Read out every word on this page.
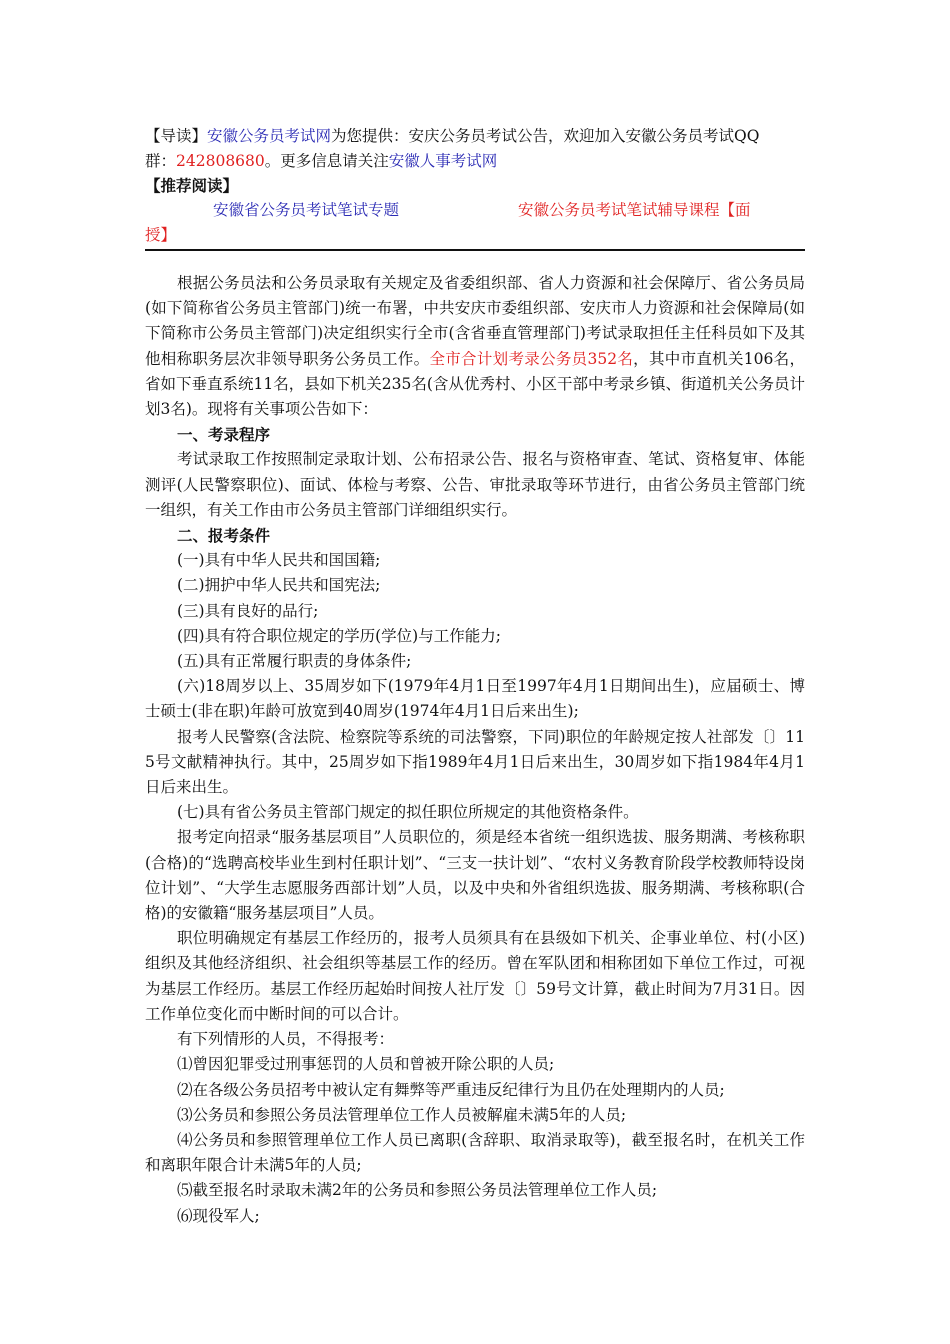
【导读】安徽公务员考试网为您提供：安庆公务员考试公告，欢迎加入安徽公务员考试QQ
群：242808680。更多信息请关注安徽人事考试网
【推荐阅读】
安徽省公务员考试笔试专题	安徽公务员考试笔试辅导课程【面
授】

根据公务员法和公务员录取有关规定及省委组织部、省人力资源和社会保障厅、省公务员局(如下简称省公务员主管部门)统一布署，中共安庆市委组织部、安庆市人力资源和社会保障局(如下简称市公务员主管部门)决定组织实行全市(含省垂直管理部门)考试录取担任主任科员如下及其他相称职务层次非领导职务公务员工作。全市合计划考录公务员352名，其中市直机关106名，省如下垂直系统11名，县如下机关235名(含从优秀村、小区干部中考录乡镇、街道机关公务员计划3名)。现将有关事项公告如下：

一、考录程序

考试录取工作按照制定录取计划、公布招录公告、报名与资格审查、笔试、资格复审、体能测评(人民警察职位)、面试、体检与考察、公告、审批录取等环节进行，由省公务员主管部门统一组织，有关工作由市公务员主管部门详细组织实行。

二、报考条件

(一)具有中华人民共和国国籍;

(二)拥护中华人民共和国宪法;

(三)具有良好的品行;

(四)具有符合职位规定的学历(学位)与工作能力;

(五)具有正常履行职责的身体条件;

(六)18周岁以上、35周岁如下(1979年4月1日至1997年4月1日期间出生)，应届硕士、博士硕士(非在职)年龄可放宽到40周岁(1974年4月1日后来出生);

报考人民警察(含法院、检察院等系统的司法警察，下同)职位的年龄规定按人社部发〔〕115号文献精神执行。其中，25周岁如下指1989年4月1日后来出生，30周岁如下指1984年4月1日后来出生。

(七)具有省公务员主管部门规定的拟任职位所规定的其他资格条件。

报考定向招录“服务基层项目”人员职位的，须是经本省统一组织选拔、服务期满、考核称职(合格)的“选聘高校毕业生到村任职计划”、“三支一扶计划”、“农村义务教育阶段学校教师特设岗位计划”、“大学生志愿服务西部计划”人员，以及中央和外省组织选拔、服务期满、考核称职(合格)的安徽籍“服务基层项目”人员。

职位明确规定有基层工作经历的，报考人员须具有在县级如下机关、企事业单位、村(小区)组织及其他经济组织、社会组织等基层工作的经历。曾在军队团和相称团如下单位工作过，可视为基层工作经历。基层工作经历起始时间按人社厅发〔〕59号文计算，截止时间为7月31日。因工作单位变化而中断时间的可以合计。

有下列情形的人员，不得报考：

⑴曾因犯罪受过刑事惩罚的人员和曾被开除公职的人员;

⑵在各级公务员招考中被认定有舞弊等严重违反纪律行为且仍在处理期内的人员;

⑶公务员和参照公务员法管理单位工作人员被解雇未满5年的人员;

⑷公务员和参照管理单位工作人员已离职(含辞职、取消录取等)，截至报名时，在机关工作和离职年限合计未满5年的人员;

⑸截至报名时录取未满2年的公务员和参照公务员法管理单位工作人员;

⑹现役军人;
